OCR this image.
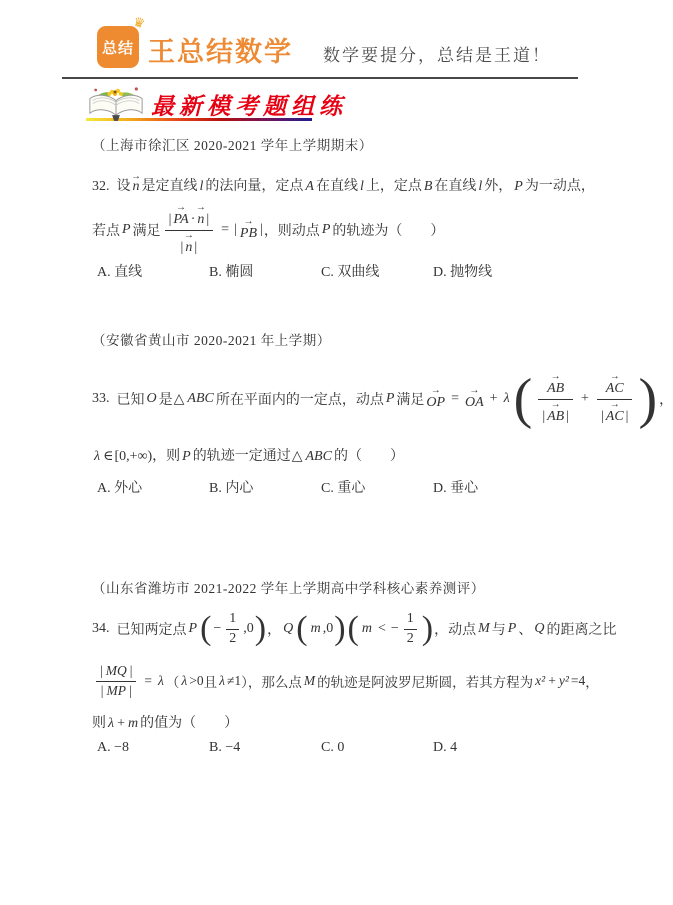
总结
♛
王总结数学 数学要提分，总结是王道！
最新模考题组练
（上海市徐汇区 2020-2021 学年上学期期末）
32. 设 → n 是定直线 l 的法向量，定点 A 在直线 l 上，定点 B 在直线 l 外， P 为一动点，
若点 P 满足 $\frac{| \to PA \cdot \to n |}{| \to n |}$ = | → PB | ，则动点 P 的轨迹为（　　）
A. 直线	B. 椭圆	C. 双曲线	D. 抛物线
（安徽省黄山市 2020-2021 年上学期）
33. 已知 O 是 △ ABC 所在平面内的一定点，动点 P 满足 → OP = → OA + λ ( → $\frac{AB}{| \to AB |}$ + → $\frac{AC}{| \to AC |}$ ) ，
λ ∈[0,+∞)，则 P 的轨迹一定通过△ ABC 的（　　）
A. 外心	B. 内心	C. 重心	D. 垂心
（山东省潍坊市 2021-2022 学年上学期高中学科核心素养测评）
34. 已知两定点 P ( − $\frac{1}{2} ,0$ ) ， Q ( m ,0 ) ( m < − $\frac{1}{2}$ ) ，动点 M 与 P 、 Q 的距离之比
$\frac{| MQ |}{| MP |} = \lambda$ （ λ >0 且 λ ≠1 ），那么点 M 的轨迹是阿波罗尼斯圆，若其方程为 x² + y² =4 ，
则 λ + m 的值为（　　）
A. −8	B. −4	C. 0	D. 4
